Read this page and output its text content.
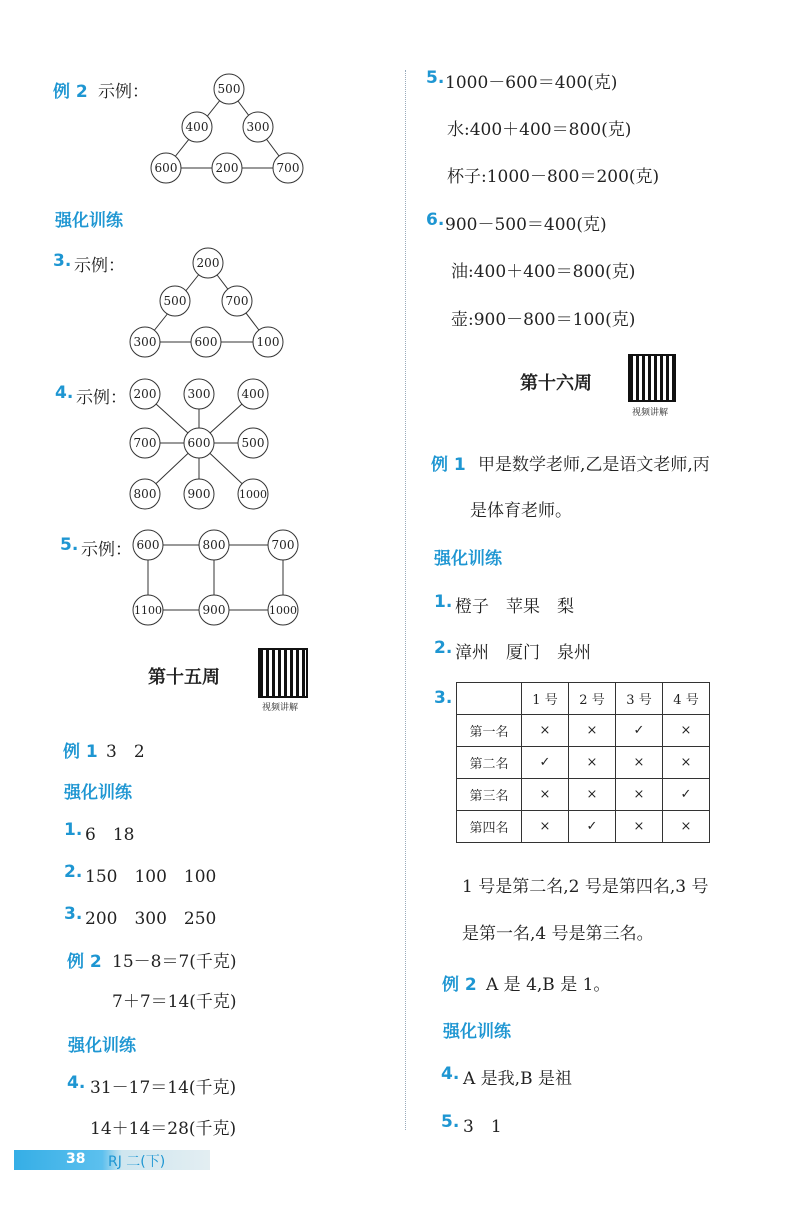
例 2 示例：	500
400	300
600	200	700
强化训练
3. 示例：	200
500	700
300	600	100
4. 示例： 200	300	400
700	600	500
800	900	1000
5. 示例： 600	800	700
1100	900	1000
第十五周
视频讲解
例 1 3　2
强化训练
1. 6　18
2. 150　100　100
3. 200　300　250
例 2 15－8＝7(千克)
7＋7＝14(千克)
强化训练
4. 31－17＝14(千克)
14＋14＝28(千克)
5. 1000－600＝400(克)
水:400＋400＝800(克)
杯子:1000－800＝200(克)
6. 900－500＝400(克)
油:400＋400＝800(克)
壶:900－800＝100(克)
第十六周
视频讲解
例 1 甲是数学老师,乙是语文老师,丙
是体育老师。
强化训练
1. 橙子　苹果　梨
2. 漳州　厦门　泉州
3.
		1 号	2 号	3 号	4 号
第一名	×	×	✓	×
第二名	✓	×	×	×
第三名	×	×	×	✓
第四名	×	✓	×	×
1 号是第二名,2 号是第四名,3 号
是第一名,4 号是第三名。
例 2 A 是 4,B 是 1。
强化训练
4. A 是我,B 是祖
5. 3　1
38 RJ 二(下)
